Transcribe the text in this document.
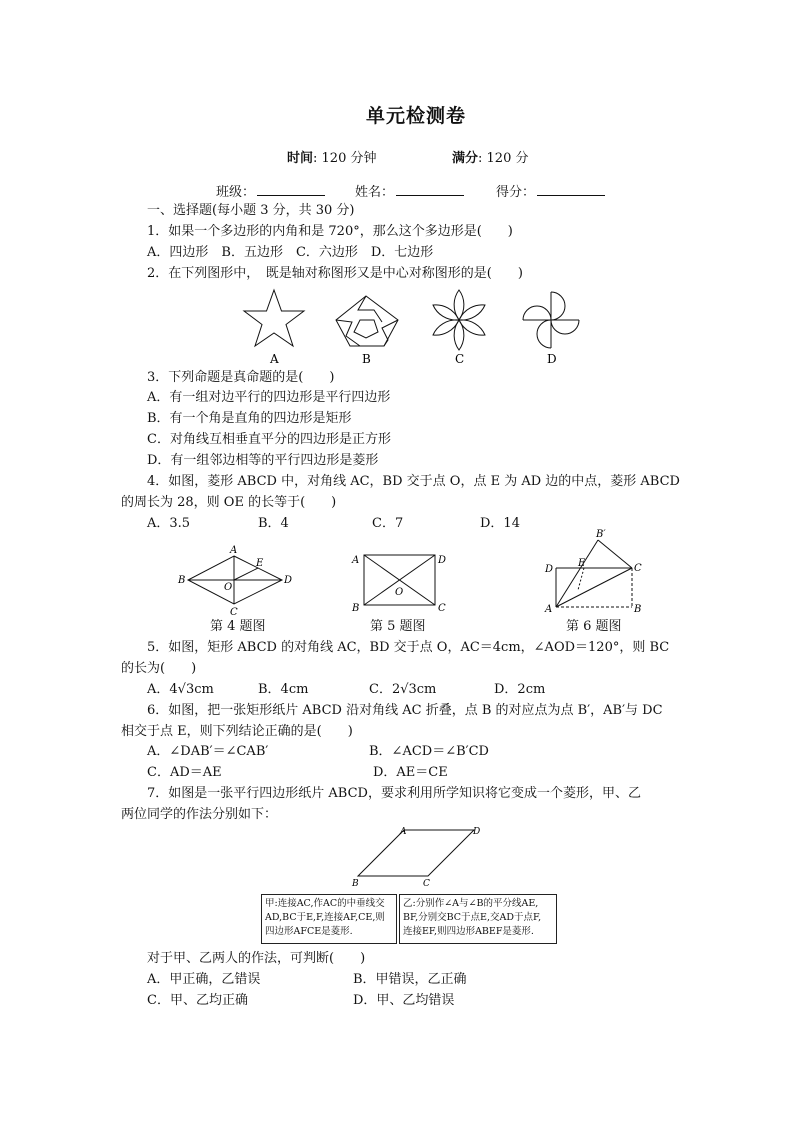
单元检测卷
时间: 120 分钟	满分: 120 分
班级：	姓名：	得分：
一、选择题(每小题 3 分，共 30 分)
1．如果一个多边形的内角和是 720°，那么这个多边形是(　　)
A．四边形　B．五边形　C．六边形　D．七边形
2．在下列图形中，　既是轴对称图形又是中心对称图形的是(　　)
A	B	C	D
3．下列命题是真命题的是(　　)
A．有一组对边平行的四边形是平行四边形
B．有一个角是直角的四边形是矩形
C．对角线互相垂直平分的四边形是正方形
D．有一组邻边相等的平行四边形是菱形
4．如图，菱形 ABCD 中，对角线 AC，BD 交于点 O，点 E 为 AD 边的中点，菱形 ABCD
的周长为 28，则 OE 的长等于(　　)
A．3.5	B．4	C．7	D．14
A
B
C
D
E
O
A	D
B	C
O
B′
D
E	C
A	B
第 4 题图	第 5 题图	第 6 题图
5．如图，矩形 ABCD 的对角线 AC，BD 交于点 O，AC＝4cm，∠AOD＝120°，则 BC
的长为(　　)
A．4√3cm	B．4cm	C．2√3cm	D．2cm
6．如图，把一张矩形纸片 ABCD 沿对角线 AC 折叠，点 B 的对应点为点 B′，AB′与 DC
相交于点 E，则下列结论正确的是(　　)
A．∠DAB′＝∠CAB′	B．∠ACD＝∠B′CD
C．AD＝AE	D．AE＝CE
7．如图是一张平行四边形纸片 ABCD，要求利用所学知识将它变成一个菱形，甲、乙
两位同学的作法分别如下：
A	D
B	C
甲:连接AC,作AC的中垂线交
AD,BC于E,F,连接AF,CE,则
四边形AFCE是菱形.
乙:分别作∠A与∠B的平分线AE,
BF,分别交BC于点E,交AD于点F,
连接EF,则四边形ABEF是菱形.
对于甲、乙两人的作法，可判断(　　)
A．甲正确，乙错误	B．甲错误，乙正确
C．甲、乙均正确	D．甲、乙均错误
